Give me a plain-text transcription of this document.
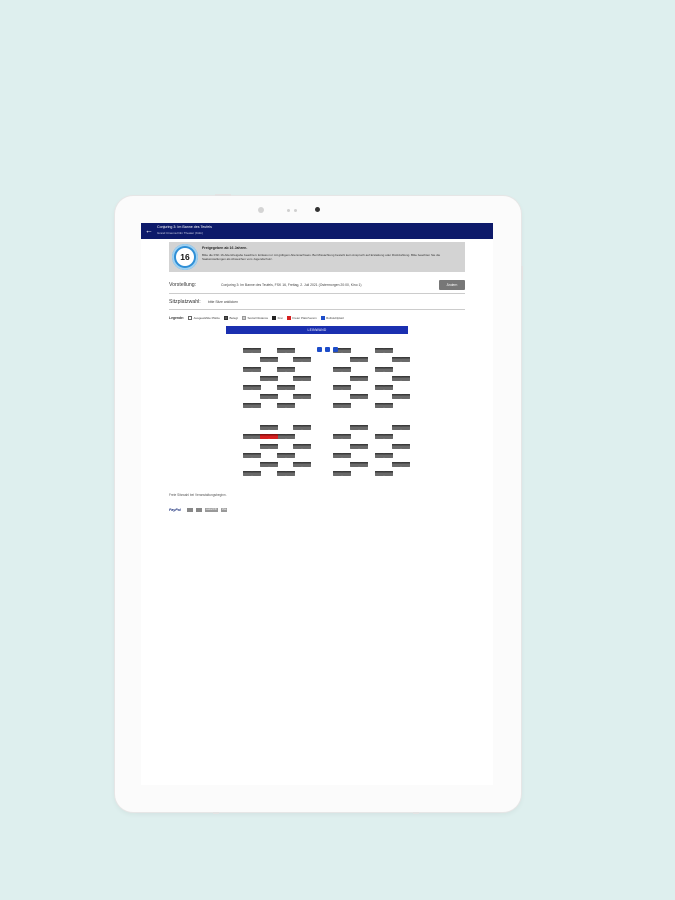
← Conjuring 3: Im Banne des Teufels
Grand Cinema Film Theater (Köln)
16
Freigegeben ab 16 Jahren.
Bitte die FSK 16-Altersfreigabe beachten: Einlass nur mit gültigem Altersnachweis. Bei Missachtung besteht kein Anspruch auf Erstattung oder Rückzahlung. Bitte beachten Sie die Saalumstellungen als Abweichen vom Jugendschutz.
Vorstellung:	Conjuring 3: Im Banne des Teufels, FSK 16, Freitag, 2. Juli 2021 (Ostermorgen 20:00, Kino 1)	Ändern
Sitzplatzwahl: bitte Sitze anklicken
Legende:	Ausgewählte Plätze	Belegt	Social Distance	Frei	Freier Platz/verein	Rollstuhlplatz
LEINWAND
Freie Sitzwahl bei Veranstaltungsbeginn.
PayPal	Lastschrift	Visa
